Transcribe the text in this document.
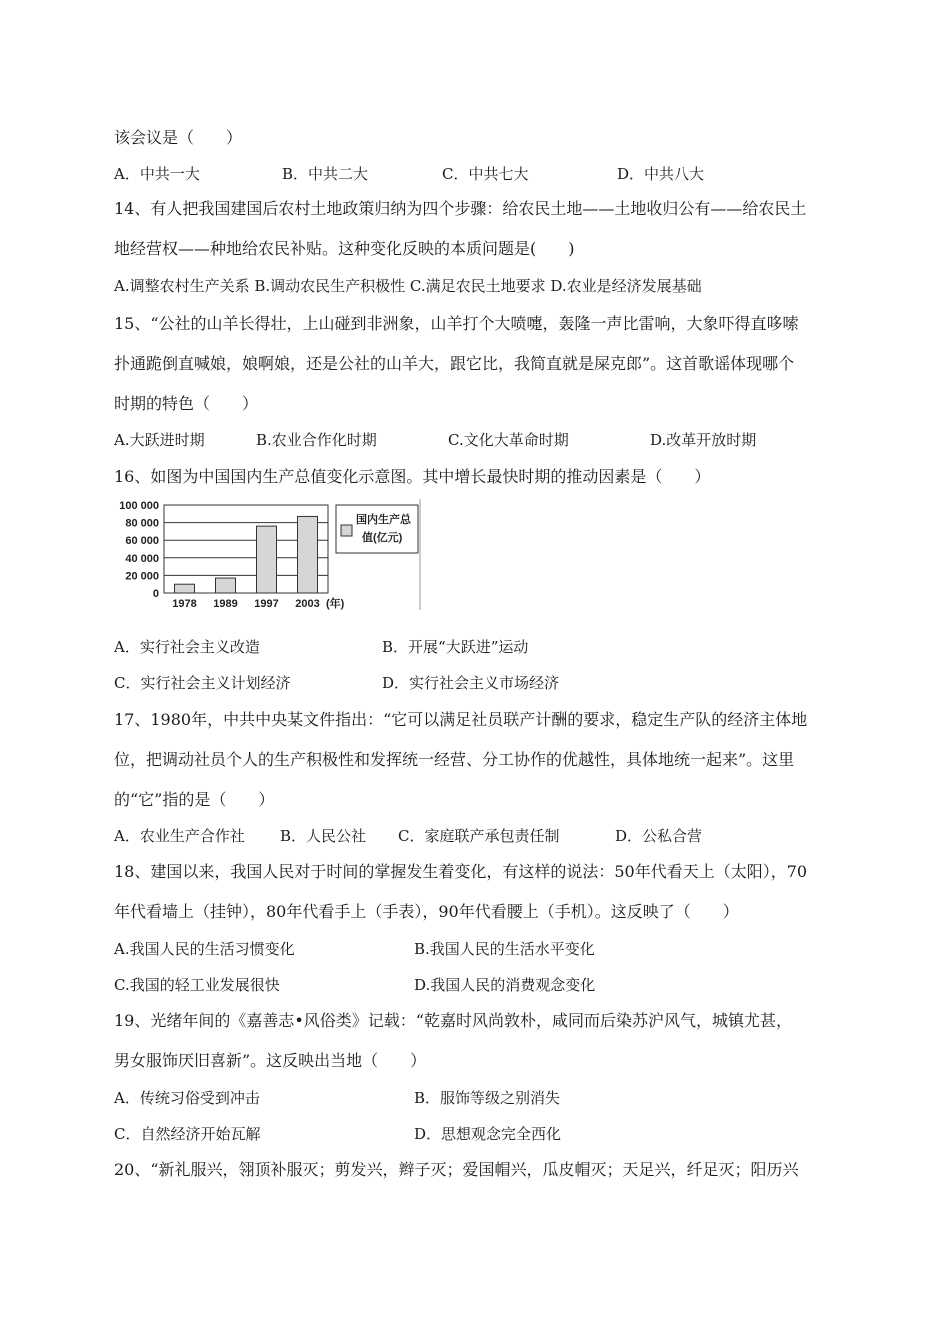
该会议是（　　）
A．中共一大	B．中共二大	C．中共七大	D．中共八大
14、有人把我国建国后农村土地政策归纳为四个步骤：给农民土地——土地收归公有——给农民土
地经营权——种地给农民补贴。这种变化反映的本质问题是(　　)
A.调整农村生产关系 B.调动农民生产积极性 C.满足农民土地要求 D.农业是经济发展基础
15、“公社的山羊长得壮，上山碰到非洲象，山羊打个大喷嚏，轰隆一声比雷响，大象吓得直哆嗦
扑通跪倒直喊娘，娘啊娘，还是公社的山羊大，跟它比，我简直就是屎克郎”。这首歌谣体现哪个
时期的特色（　　）
A.大跃进时期	B.农业合作化时期	C.文化大革命时期	D.改革开放时期
16、如图为中国国内生产总值变化示意图。其中增长最快时期的推动因素是（　　）
100 000
80 000
60 000
40 000
20 000
0
1978 1989 1997 2003 (年)
国内生产总
值(亿元)
A．实行社会主义改造	B．开展“大跃进”运动
C．实行社会主义计划经济	D．实行社会主义市场经济
17、1980年，中共中央某文件指出：“它可以满足社员联产计酬的要求，稳定生产队的经济主体地
位，把调动社员个人的生产积极性和发挥统一经营、分工协作的优越性，具体地统一起来”。这里
的“它”指的是（　　）
A．农业生产合作社 B．人民公社 C．家庭联产承包责任制	D．公私合营
18、建国以来，我国人民对于时间的掌握发生着变化，有这样的说法：50年代看天上（太阳），70
年代看墙上（挂钟），80年代看手上（手表），90年代看腰上（手机）。这反映了（　　）
A.我国人民的生活习惯变化	B.我国人民的生活水平变化
C.我国的轻工业发展很快	D.我国人民的消费观念变化
19、光绪年间的《嘉善志•风俗类》记载：“乾嘉时风尚敦朴，咸同而后染苏沪风气，城镇尤甚，
男女服饰厌旧喜新”。这反映出当地（　　）
A．传统习俗受到冲击	B．服饰等级之别消失
C．自然经济开始瓦解	D．思想观念完全西化
20、“新礼服兴，翎顶补服灭；剪发兴，辫子灭；爱国帽兴，瓜皮帽灭；天足兴，纤足灭；阳历兴
